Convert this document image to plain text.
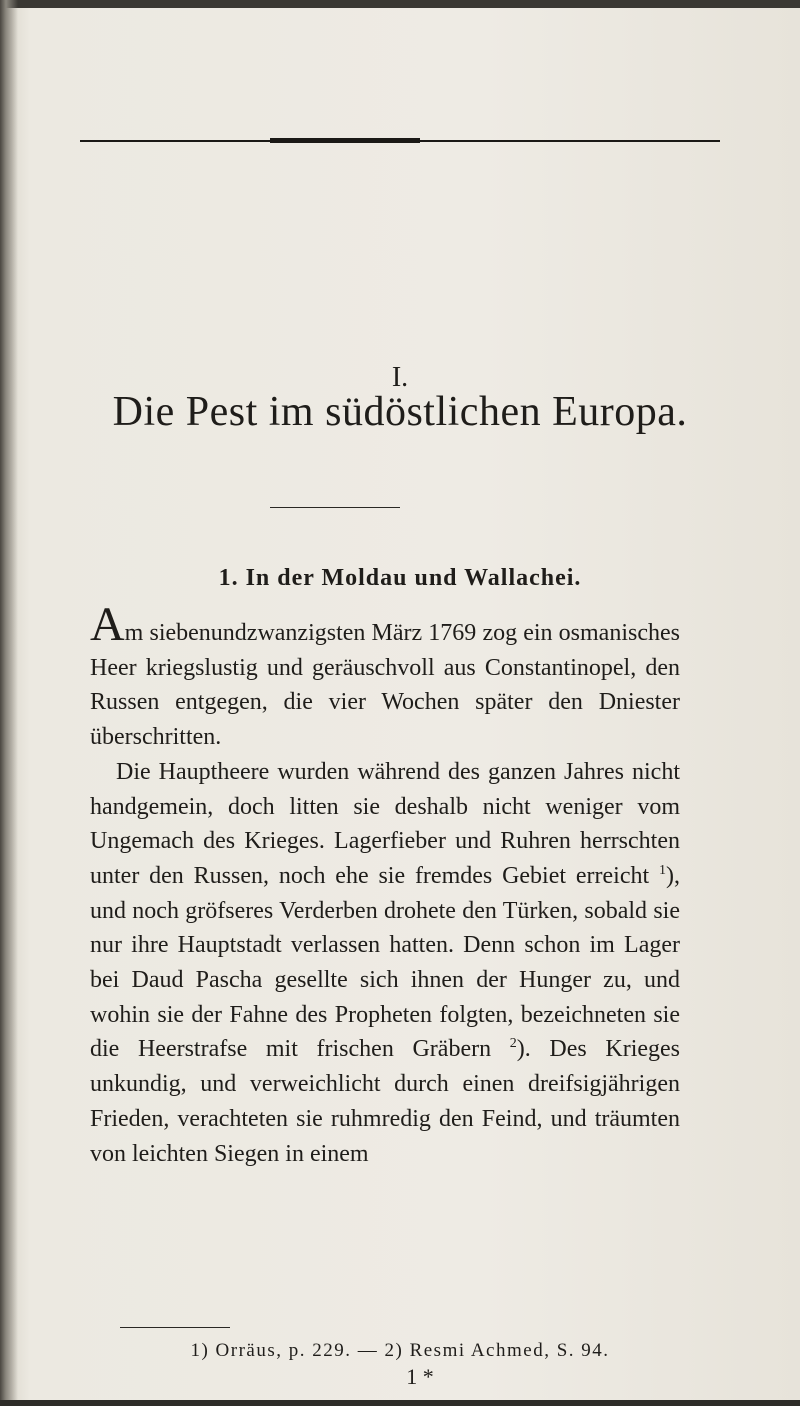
I.
Die Pest im südöstlichen Europa.
1. In der Moldau und Wallachei.

Am siebenundzwanzigsten März 1769 zog ein osmanisches Heer kriegslustig und geräuschvoll aus Constantinopel, den Russen entgegen, die vier Wochen später den Dniester überschritten.

Die Hauptheere wurden während des ganzen Jahres nicht handgemein, doch litten sie deshalb nicht weniger vom Ungemach des Krieges. Lagerfieber und Ruhren herrschten unter den Russen, noch ehe sie fremdes Gebiet erreicht $^1$), und noch gröfseres Verderben drohete den Türken, sobald sie nur ihre Hauptstadt verlassen hatten. Denn schon im Lager bei Daud Pascha gesellte sich ihnen der Hunger zu, und wohin sie der Fahne des Propheten folgten, bezeichneten sie die Heerstrafse mit frischen Gräbern $^2$). Des Krieges unkundig, und verweichlicht durch einen dreifsigjährigen Frieden, verachteten sie ruhmredig den Feind, und träumten von leichten Siegen in einem

1) Orräus, p. 229. — 2) Resmi Achmed, S. 94.
1 *
